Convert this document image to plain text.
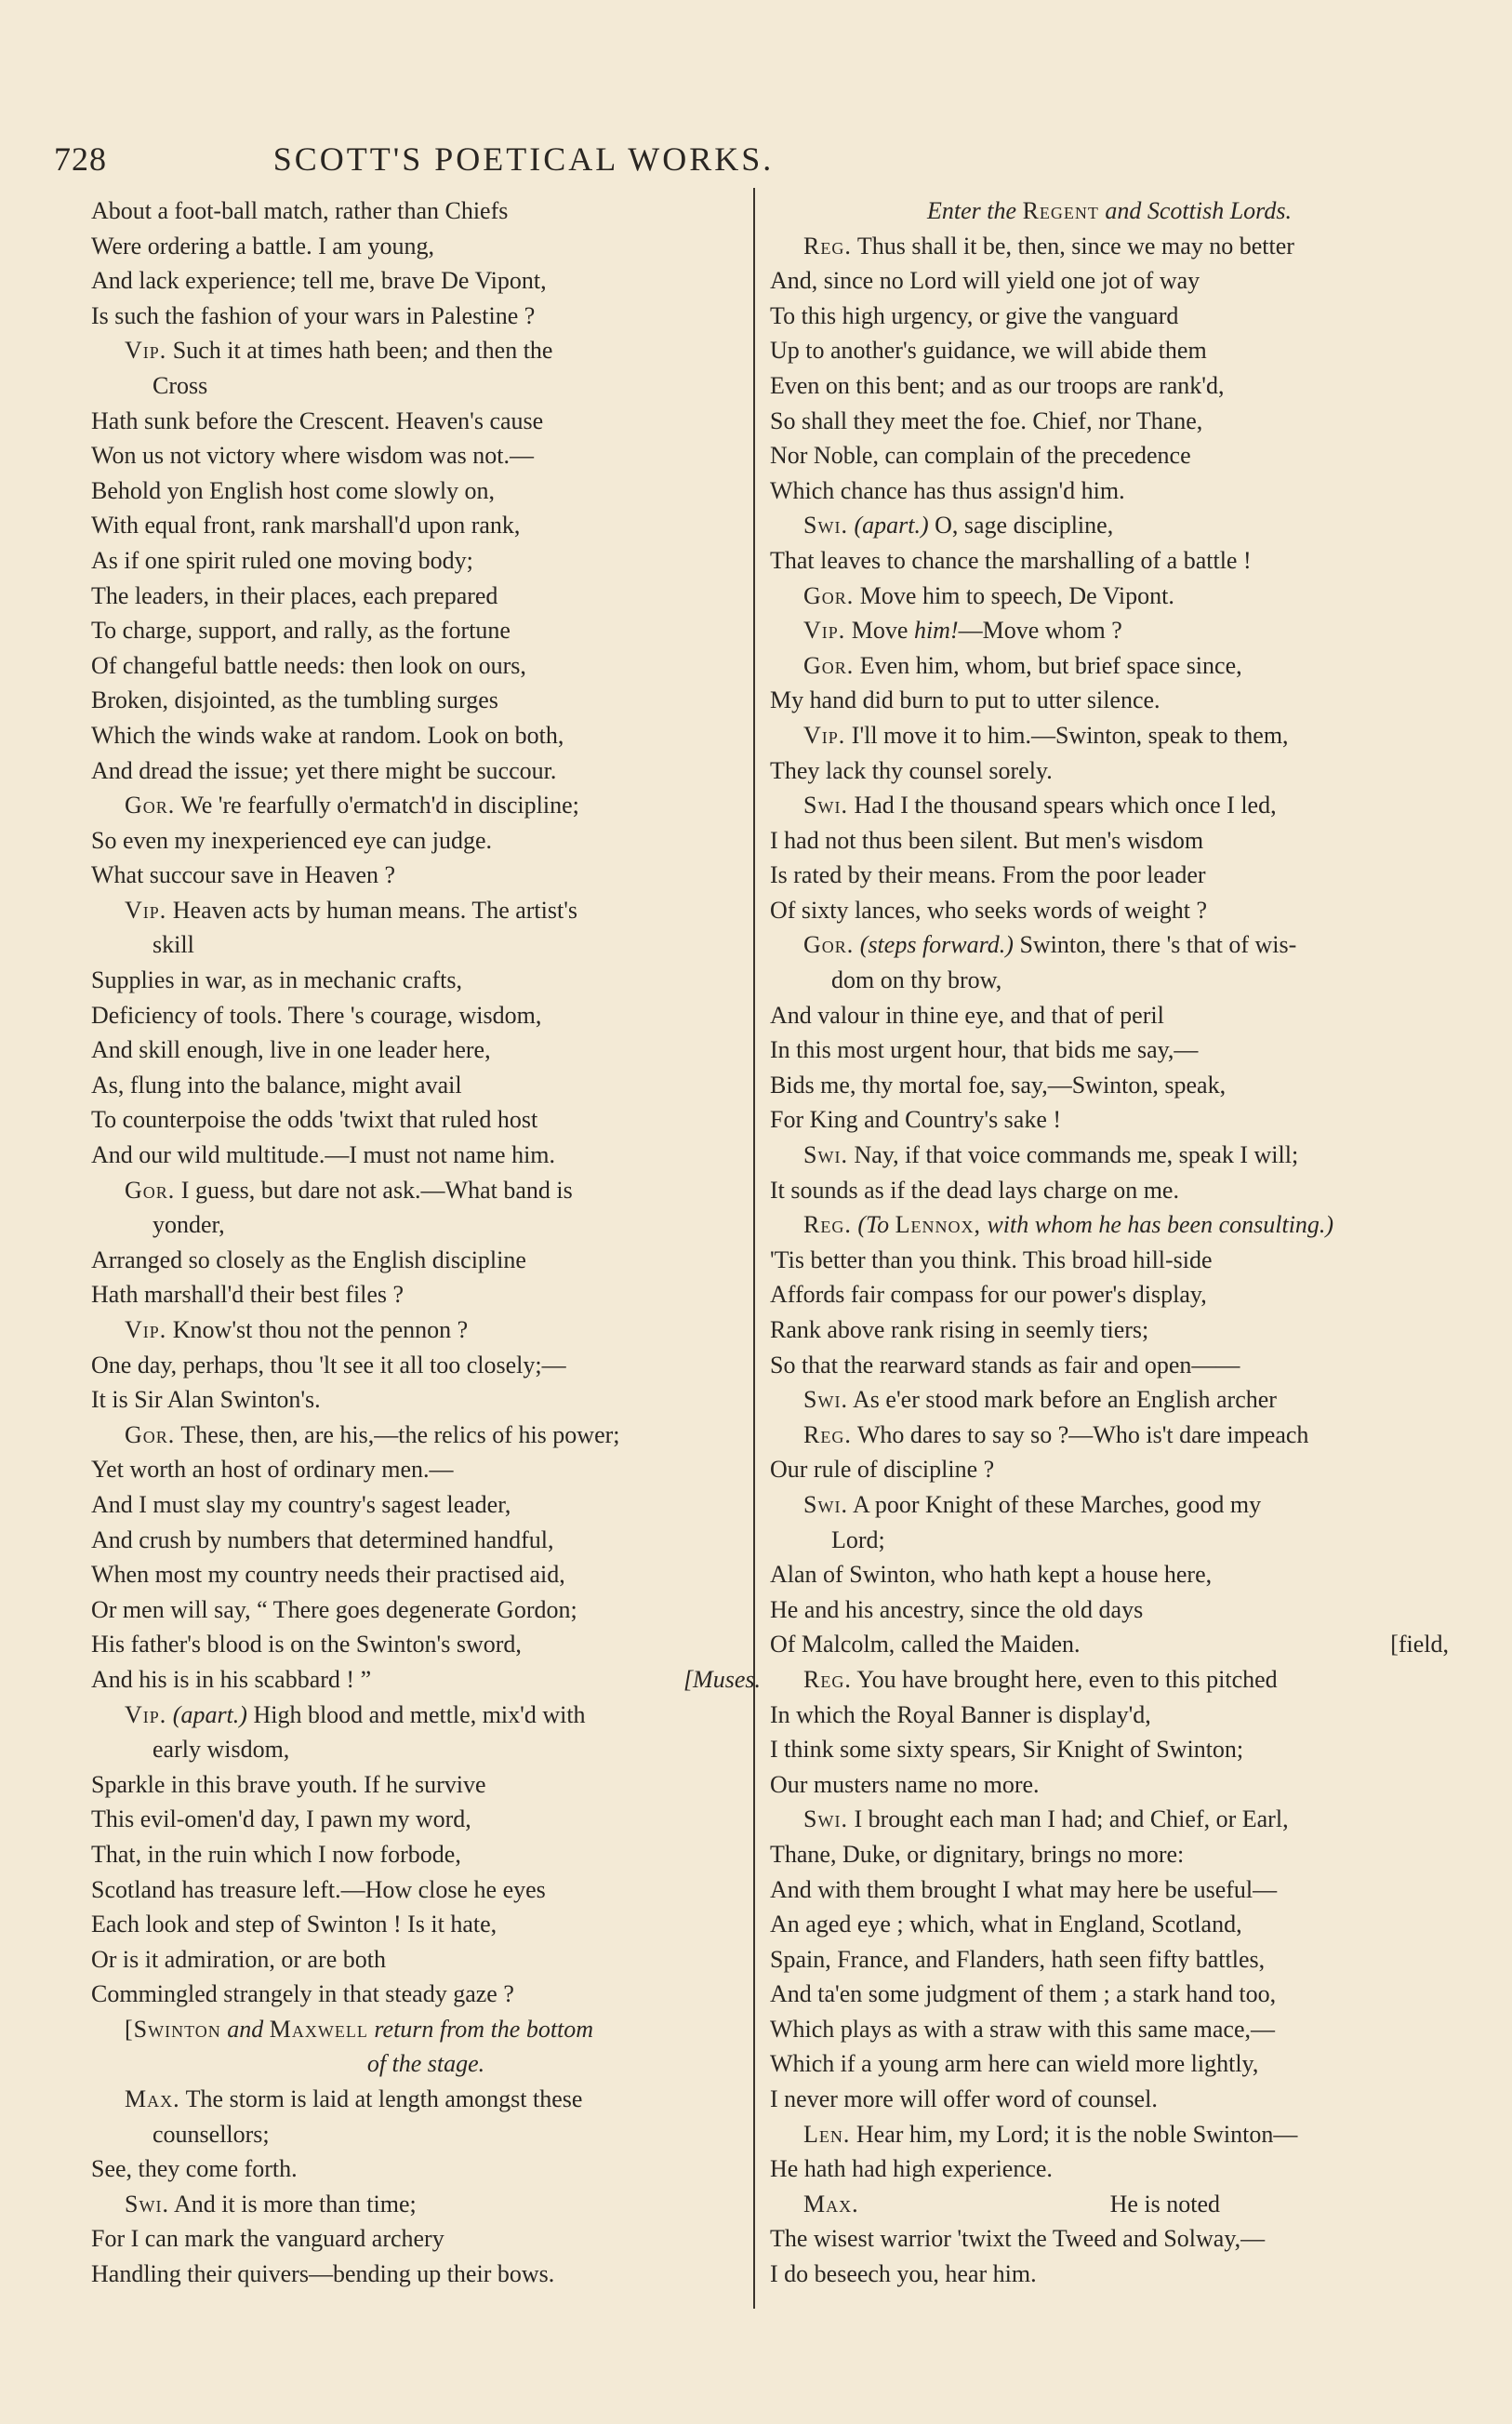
728	SCOTT'S POETICAL WORKS.
About a foot-ball match, rather than Chiefs
Were ordering a battle. I am young,
And lack experience; tell me, brave De Vipont,
Is such the fashion of your wars in Palestine ?
Vip. Such it at times hath been; and then the
Cross
Hath sunk before the Crescent. Heaven's cause
Won us not victory where wisdom was not.—
Behold yon English host come slowly on,
With equal front, rank marshall'd upon rank,
As if one spirit ruled one moving body;
The leaders, in their places, each prepared
To charge, support, and rally, as the fortune
Of changeful battle needs: then look on ours,
Broken, disjointed, as the tumbling surges
Which the winds wake at random. Look on both,
And dread the issue; yet there might be succour.
Gor. We 're fearfully o'ermatch'd in discipline;
So even my inexperienced eye can judge.
What succour save in Heaven ?
Vip. Heaven acts by human means. The artist's
skill
Supplies in war, as in mechanic crafts,
Deficiency of tools. There 's courage, wisdom,
And skill enough, live in one leader here,
As, flung into the balance, might avail
To counterpoise the odds 'twixt that ruled host
And our wild multitude.—I must not name him.
Gor. I guess, but dare not ask.—What band is
yonder,
Arranged so closely as the English discipline
Hath marshall'd their best files ?
Vip. Know'st thou not the pennon ?
One day, perhaps, thou 'lt see it all too closely;—
It is Sir Alan Swinton's.
Gor. These, then, are his,—the relics of his power;
Yet worth an host of ordinary men.—
And I must slay my country's sagest leader,
And crush by numbers that determined handful,
When most my country needs their practised aid,
Or men will say, “ There goes degenerate Gordon;
His father's blood is on the Swinton's sword,
And his is in his scabbard ! ”	[Muses.
Vip. (apart.) High blood and mettle, mix'd with
early wisdom,
Sparkle in this brave youth. If he survive
This evil-omen'd day, I pawn my word,
That, in the ruin which I now forbode,
Scotland has treasure left.—How close he eyes
Each look and step of Swinton ! Is it hate,
Or is it admiration, or are both
Commingled strangely in that steady gaze ?
[Swinton and Maxwell return from the bottom
of the stage.
Max. The storm is laid at length amongst these
counsellors;
See, they come forth.
Swi. And it is more than time;
For I can mark the vanguard archery
Handling their quivers—bending up their bows.
Enter the Regent and Scottish Lords.
Reg. Thus shall it be, then, since we may no better
And, since no Lord will yield one jot of way
To this high urgency, or give the vanguard
Up to another's guidance, we will abide them
Even on this bent; and as our troops are rank'd,
So shall they meet the foe. Chief, nor Thane,
Nor Noble, can complain of the precedence
Which chance has thus assign'd him.
Swi. (apart.) O, sage discipline,
That leaves to chance the marshalling of a battle !
Gor. Move him to speech, De Vipont.
Vip. Move him!—Move whom ?
Gor. Even him, whom, but brief space since,
My hand did burn to put to utter silence.
Vip. I'll move it to him.—Swinton, speak to them,
They lack thy counsel sorely.
Swi. Had I the thousand spears which once I led,
I had not thus been silent. But men's wisdom
Is rated by their means. From the poor leader
Of sixty lances, who seeks words of weight ?
Gor. (steps forward.) Swinton, there 's that of wis-
dom on thy brow,
And valour in thine eye, and that of peril
In this most urgent hour, that bids me say,—
Bids me, thy mortal foe, say,—Swinton, speak,
For King and Country's sake !
Swi. Nay, if that voice commands me, speak I will;
It sounds as if the dead lays charge on me.
Reg. (To Lennox, with whom he has been consulting.)
'Tis better than you think. This broad hill-side
Affords fair compass for our power's display,
Rank above rank rising in seemly tiers;
So that the rearward stands as fair and open——
Swi. As e'er stood mark before an English archer
Reg. Who dares to say so ?—Who is't dare impeach
Our rule of discipline ?
Swi. A poor Knight of these Marches, good my
Lord;
Alan of Swinton, who hath kept a house here,
He and his ancestry, since the old days
Of Malcolm, called the Maiden.	[field,
Reg. You have brought here, even to this pitched
In which the Royal Banner is display'd,
I think some sixty spears, Sir Knight of Swinton;
Our musters name no more.
Swi. I brought each man I had; and Chief, or Earl,
Thane, Duke, or dignitary, brings no more:
And with them brought I what may here be useful—
An aged eye ; which, what in England, Scotland,
Spain, France, and Flanders, hath seen fifty battles,
And ta'en some judgment of them ; a stark hand too,
Which plays as with a straw with this same mace,—
Which if a young arm here can wield more lightly,
I never more will offer word of counsel.
Len. Hear him, my Lord; it is the noble Swinton—
He hath had high experience.
Max.	He is noted
The wisest warrior 'twixt the Tweed and Solway,—
I do beseech you, hear him.
